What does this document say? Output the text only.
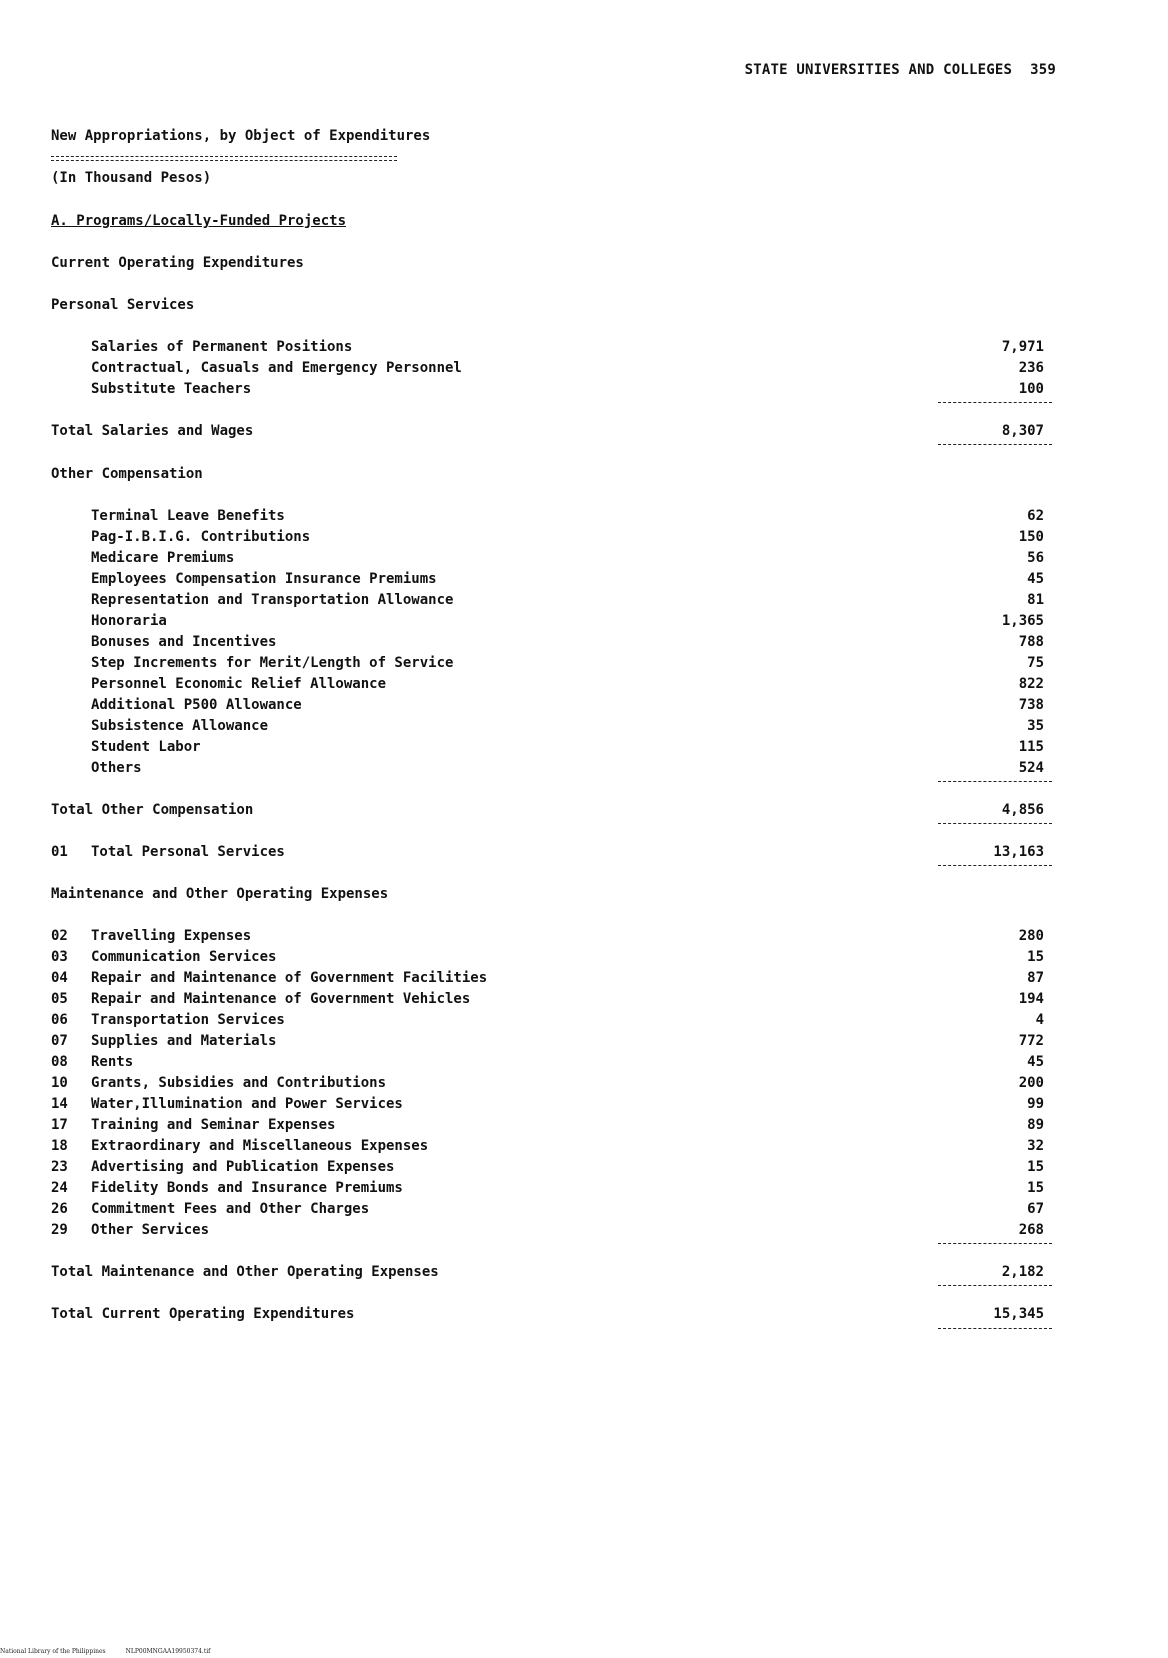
STATE UNIVERSITIES AND COLLEGES 359
New Appropriations, by Object of Expenditures
(In Thousand Pesos)
A. Programs/Locally-Funded Projects
Current Operating Expenditures
Personal Services
Salaries of Permanent Positions	7,971
Contractual, Casuals and Emergency Personnel	236
Substitute Teachers	100
Total Salaries and Wages	8,307
Other Compensation
Terminal Leave Benefits	62
Pag-I.B.I.G. Contributions	150
Medicare Premiums	56
Employees Compensation Insurance Premiums	45
Representation and Transportation Allowance	81
Honoraria	1,365
Bonuses and Incentives	788
Step Increments for Merit/Length of Service	75
Personnel Economic Relief Allowance	822
Additional P500 Allowance	738
Subsistence Allowance	35
Student Labor	115
Others	524
Total Other Compensation	4,856
01 Total Personal Services	13,163
Maintenance and Other Operating Expenses
02 Travelling Expenses	280
03 Communication Services	15
04 Repair and Maintenance of Government Facilities	87
05 Repair and Maintenance of Government Vehicles	194
06 Transportation Services	4
07 Supplies and Materials	772
08 Rents	45
10 Grants, Subsidies and Contributions	200
14 Water,Illumination and Power Services	99
17 Training and Seminar Expenses	89
18 Extraordinary and Miscellaneous Expenses	32
23 Advertising and Publication Expenses	15
24 Fidelity Bonds and Insurance Premiums	15
26 Commitment Fees and Other Charges	67
29 Other Services	268
Total Maintenance and Other Operating Expenses	2,182
Total Current Operating Expenditures	15,345
National Library of the Philippines	NLP00MNGAA19950374.tif
